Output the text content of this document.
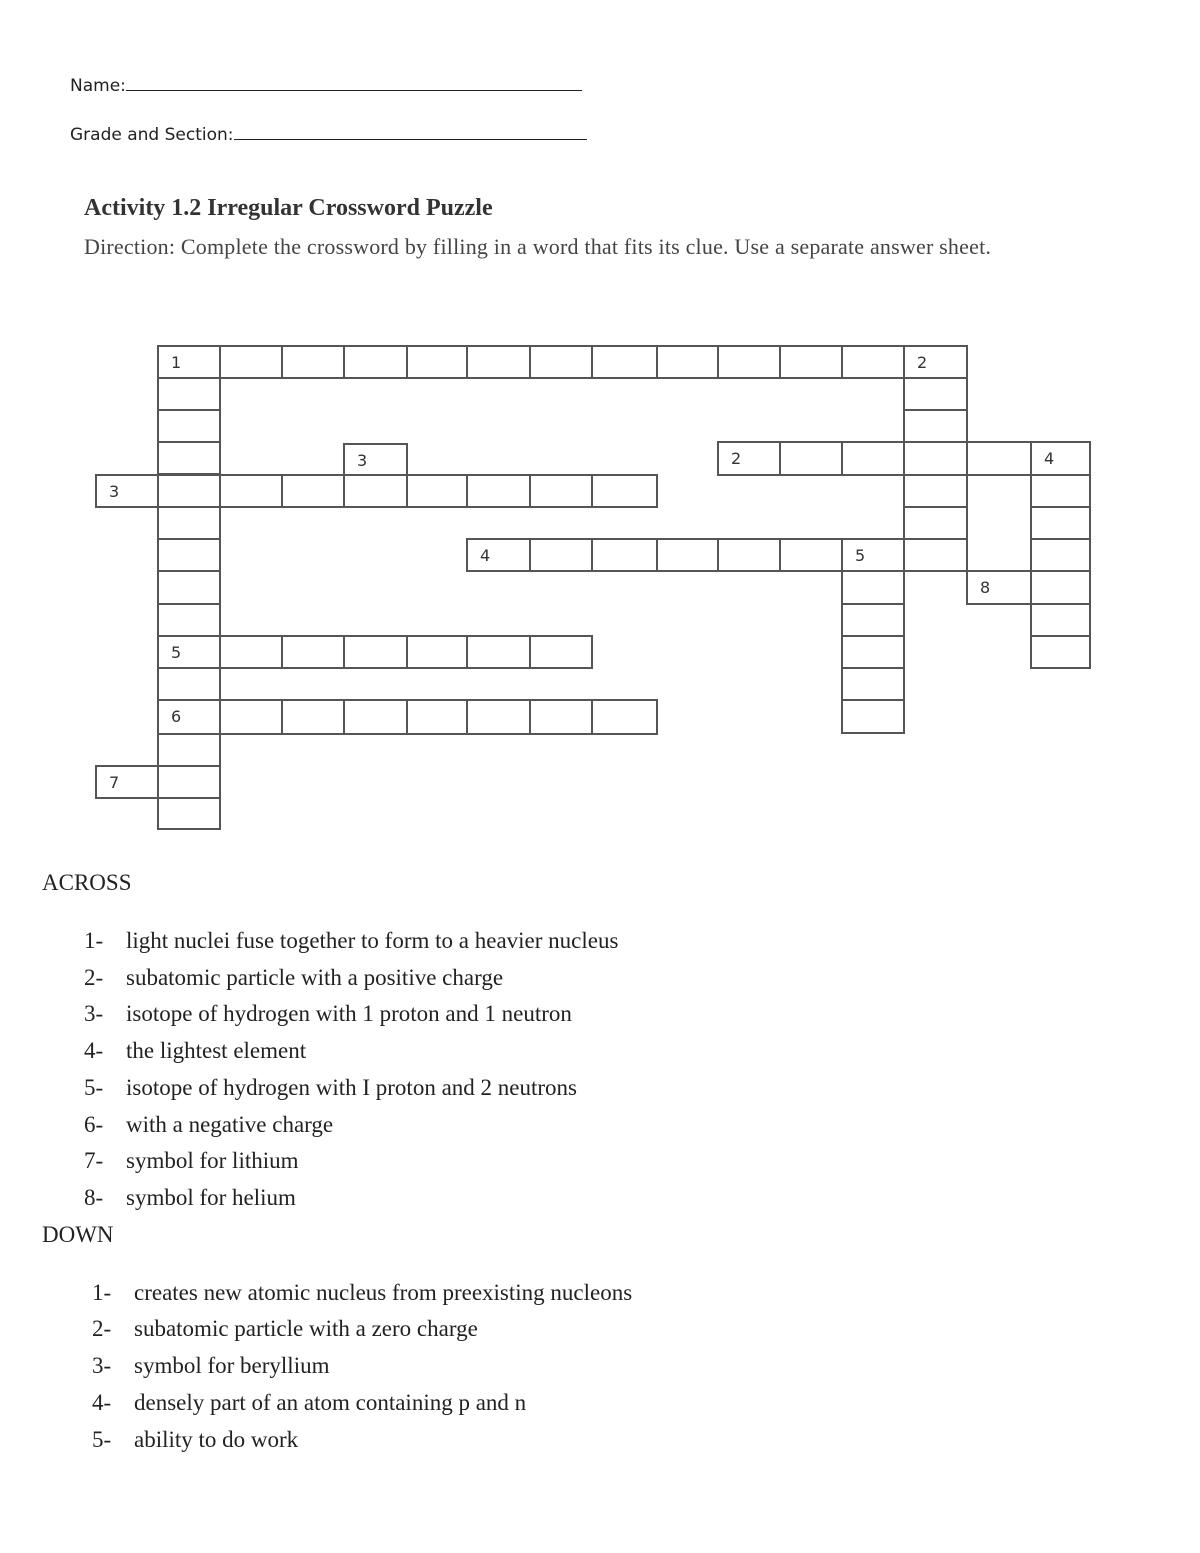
Name:
Grade and Section:
Activity 1.2 Irregular Crossword Puzzle
Direction: Complete the crossword by filling in a word that fits its clue. Use a separate answer sheet.
1	2
3	2	4
3
4	5
8
5
6
7
ACROSS
1- light nuclei fuse together to form to a heavier nucleus
2- subatomic particle with a positive charge
3- isotope of hydrogen with 1 proton and 1 neutron
4- the lightest element
5- isotope of hydrogen with I proton and 2 neutrons
6- with a negative charge
7- symbol for lithium
8- symbol for helium
DOWN
1- creates new atomic nucleus from preexisting nucleons
2- subatomic particle with a zero charge
3- symbol for beryllium
4- densely part of an atom containing p and n
5- ability to do work
